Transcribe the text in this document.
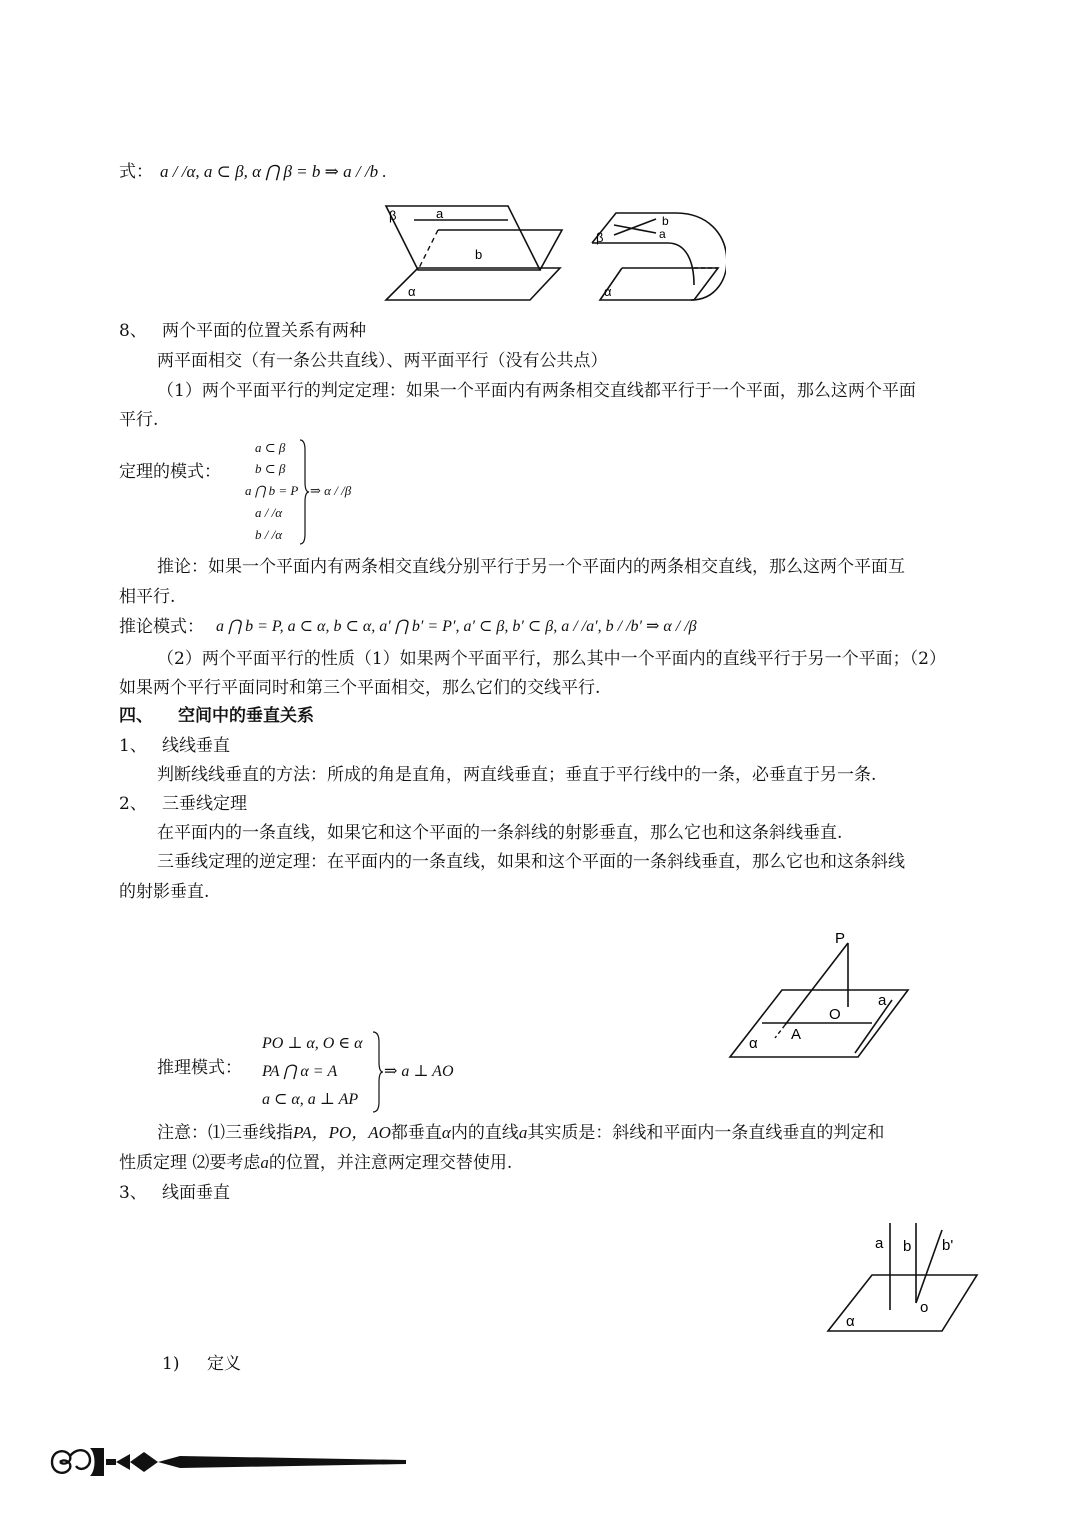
式： a / /α, a ⊂ β, α ⋂ β = b ⇒ a / /b .
β	a
b
α
β	a
b
α
8、 两个平面的位置关系有两种
两平面相交（有一条公共直线）、两平面平行（没有公共点）
（1）两个平面平行的判定定理：如果一个平面内有两条相交直线都平行于一个平面，那么这两个平面
平行.
定理的模式：
a ⊂ β
b ⊂ β
a ⋂ b = P
a / /α
b / /α
⇒ α / /β
推论：如果一个平面内有两条相交直线分别平行于另一个平面内的两条相交直线，那么这两个平面互
相平行.
推论模式： a ⋂ b = P, a ⊂ α, b ⊂ α, a′ ⋂ b′ = P′, a′ ⊂ β, b′ ⊂ β, a / /a′, b / /b′ ⇒ α / /β
（2）两个平面平行的性质（1）如果两个平面平行，那么其中一个平面内的直线平行于另一个平面；（2）
如果两个平行平面同时和第三个平面相交，那么它们的交线平行.
四、 空间中的垂直关系
1、 线线垂直
判断线线垂直的方法：所成的角是直角，两直线垂直；垂直于平行线中的一条，必垂直于另一条.
2、 三垂线定理
在平面内的一条直线，如果它和这个平面的一条斜线的射影垂直，那么它也和这条斜线垂直.
三垂线定理的逆定理：在平面内的一条直线，如果和这个平面的一条斜线垂直，那么它也和这条斜线
的射影垂直.
P
O
a
A
α
推理模式：
PO ⊥ α, O ∈ α
PA ⋂ α = A
a ⊂ α, a ⊥ AP
⇒ a ⊥ AO
注意：⑴三垂线指PA，PO，AO都垂直α内的直线a其实质是：斜线和平面内一条直线垂直的判定和
性质定理 ⑵要考虑a的位置，并注意两定理交替使用.
3、 线面垂直
a b b'
o
α
1) 定义
